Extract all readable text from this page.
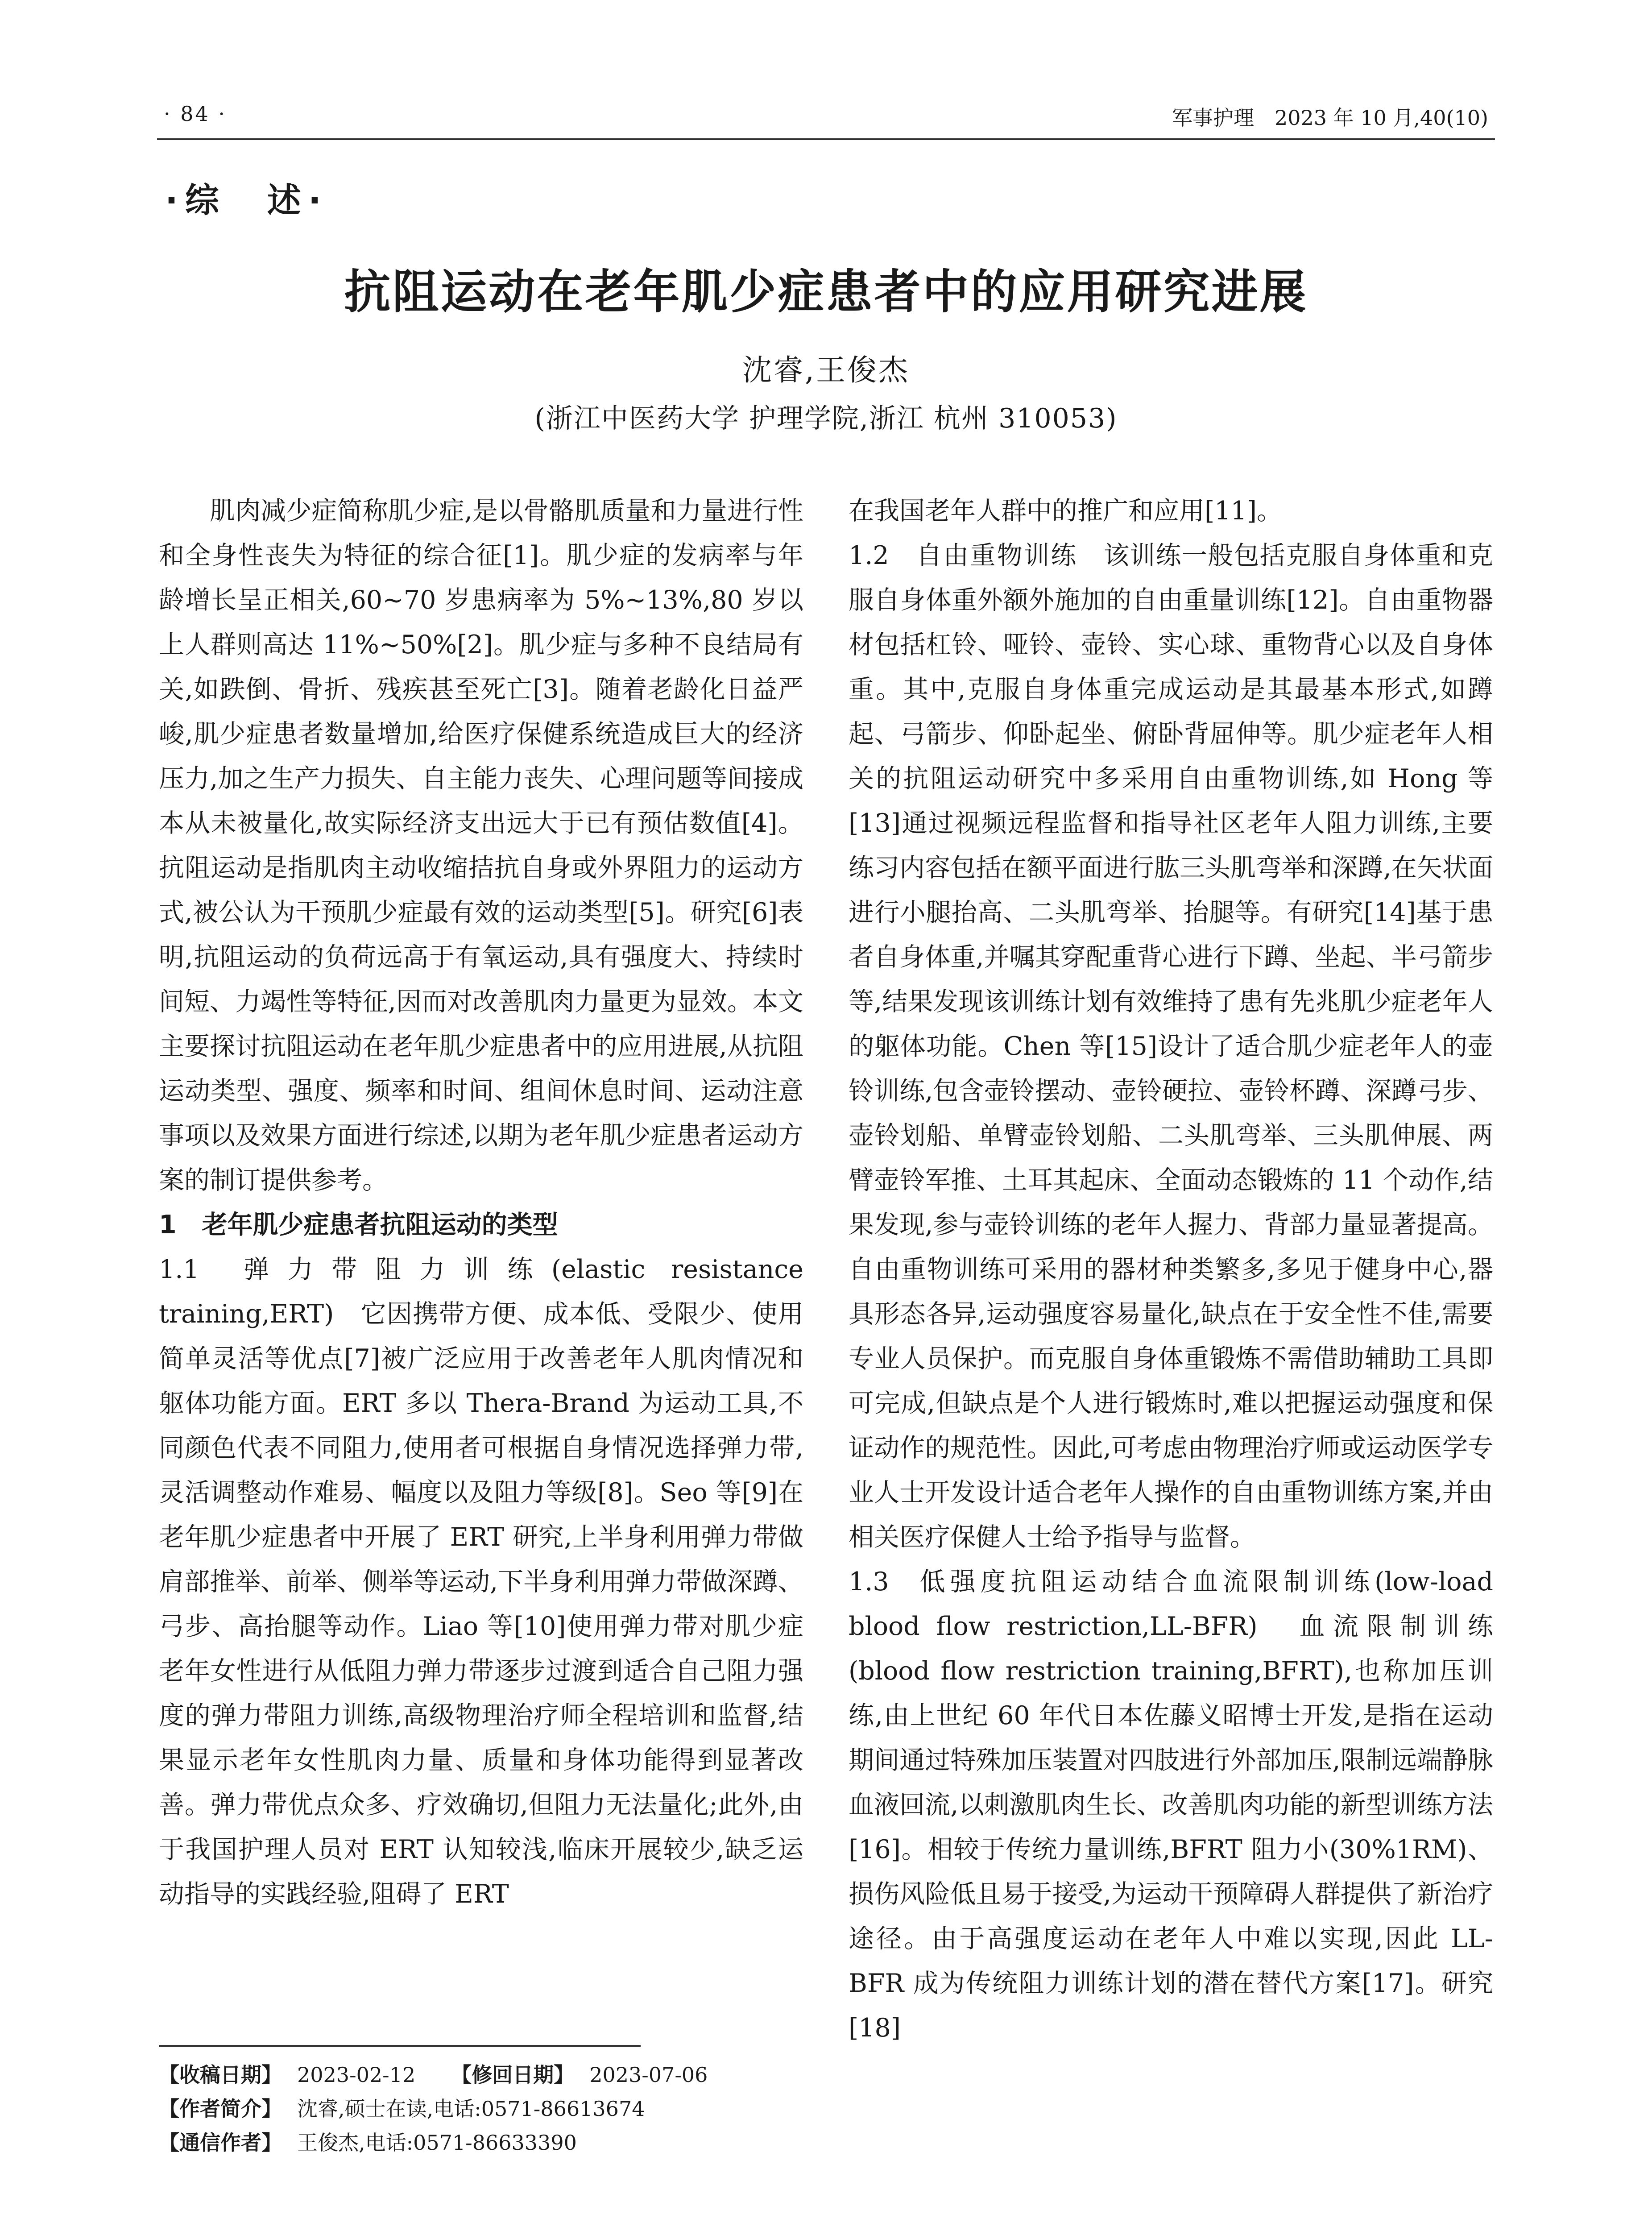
· 84 ·	军事护理　2023 年 10 月,40(10)
·综　述·
抗阻运动在老年肌少症患者中的应用研究进展
沈睿,王俊杰
(浙江中医药大学 护理学院,浙江 杭州 310053)

肌肉减少症简称肌少症,是以骨骼肌质量和力量进行性和全身性丧失为特征的综合征[1]。肌少症的发病率与年龄增长呈正相关,60~70 岁患病率为 5%~13%,80 岁以上人群则高达 11%~50%[2]。肌少症与多种不良结局有关,如跌倒、骨折、残疾甚至死亡[3]。随着老龄化日益严峻,肌少症患者数量增加,给医疗保健系统造成巨大的经济压力,加之生产力损失、自主能力丧失、心理问题等间接成本从未被量化,故实际经济支出远大于已有预估数值[4]。抗阻运动是指肌肉主动收缩拮抗自身或外界阻力的运动方式,被公认为干预肌少症最有效的运动类型[5]。研究[6]表明,抗阻运动的负荷远高于有氧运动,具有强度大、持续时间短、力竭性等特征,因而对改善肌肉力量更为显效。本文主要探讨抗阻运动在老年肌少症患者中的应用进展,从抗阻运动类型、强度、频率和时间、组间休息时间、运动注意事项以及效果方面进行综述,以期为老年肌少症患者运动方案的制订提供参考。

1　老年肌少症患者抗阻运动的类型

1.1 弹力带阻力训练(elastic resistance training,ERT)　它因携带方便、成本低、受限少、使用简单灵活等优点[7]被广泛应用于改善老年人肌肉情况和躯体功能方面。ERT 多以 Thera-Brand 为运动工具,不同颜色代表不同阻力,使用者可根据自身情况选择弹力带,灵活调整动作难易、幅度以及阻力等级[8]。Seo 等[9]在老年肌少症患者中开展了 ERT 研究,上半身利用弹力带做肩部推举、前举、侧举等运动,下半身利用弹力带做深蹲、弓步、高抬腿等动作。Liao 等[10]使用弹力带对肌少症老年女性进行从低阻力弹力带逐步过渡到适合自己阻力强度的弹力带阻力训练,高级物理治疗师全程培训和监督,结果显示老年女性肌肉力量、质量和身体功能得到显著改善。弹力带优点众多、疗效确切,但阻力无法量化;此外,由于我国护理人员对 ERT 认知较浅,临床开展较少,缺乏运动指导的实践经验,阻碍了 ERT

在我国老年人群中的推广和应用[11]。

1.2 自由重物训练　 该训练一般包括克服自身体重和克服自身体重外额外施加的自由重量训练[12]。自由重物器材包括杠铃、哑铃、壶铃、实心球、重物背心以及自身体重。其中,克服自身体重完成运动是其最基本形式,如蹲起、弓箭步、仰卧起坐、俯卧背屈伸等。肌少症老年人相关的抗阻运动研究中多采用自由重物训练,如 Hong 等[13]通过视频远程监督和指导社区老年人阻力训练,主要练习内容包括在额平面进行肱三头肌弯举和深蹲,在矢状面进行小腿抬高、二头肌弯举、抬腿等。有研究[14]基于患者自身体重,并嘱其穿配重背心进行下蹲、坐起、半弓箭步等,结果发现该训练计划有效维持了患有先兆肌少症老年人的躯体功能。Chen 等[15]设计了适合肌少症老年人的壶铃训练,包含壶铃摆动、壶铃硬拉、壶铃杯蹲、深蹲弓步、壶铃划船、单臂壶铃划船、二头肌弯举、三头肌伸展、两臂壶铃军推、土耳其起床、全面动态锻炼的 11 个动作,结果发现,参与壶铃训练的老年人握力、背部力量显著提高。自由重物训练可采用的器材种类繁多,多见于健身中心,器具形态各异,运动强度容易量化,缺点在于安全性不佳,需要专业人员保护。而克服自身体重锻炼不需借助辅助工具即可完成,但缺点是个人进行锻炼时,难以把握运动强度和保证动作的规范性。因此,可考虑由物理治疗师或运动医学专业人士开发设计适合老年人操作的自由重物训练方案,并由相关医疗保健人士给予指导与监督。

1.3 低强度抗阻运动结合血流限制训练(low-load blood flow restriction,LL-BFR)　血流限制训练(blood flow restriction training,BFRT),也称加压训练,由上世纪 60 年代日本佐藤义昭博士开发,是指在运动期间通过特殊加压装置对四肢进行外部加压,限制远端静脉血液回流,以刺激肌肉生长、改善肌肉功能的新型训练方法[16]。相较于传统力量训练,BFRT 阻力小(30%1RM)、损伤风险低且易于接受,为运动干预障碍人群提供了新治疗途径。由于高强度运动在老年人中难以实现,因此 LL-BFR 成为传统阻力训练计划的潜在替代方案[17]。研究[18]

【收稿日期】 2023-02-12 【修回日期】 2023-07-06
【作者简介】 沈睿,硕士在读,电话:0571-86613674
【通信作者】 王俊杰,电话:0571-86633390
